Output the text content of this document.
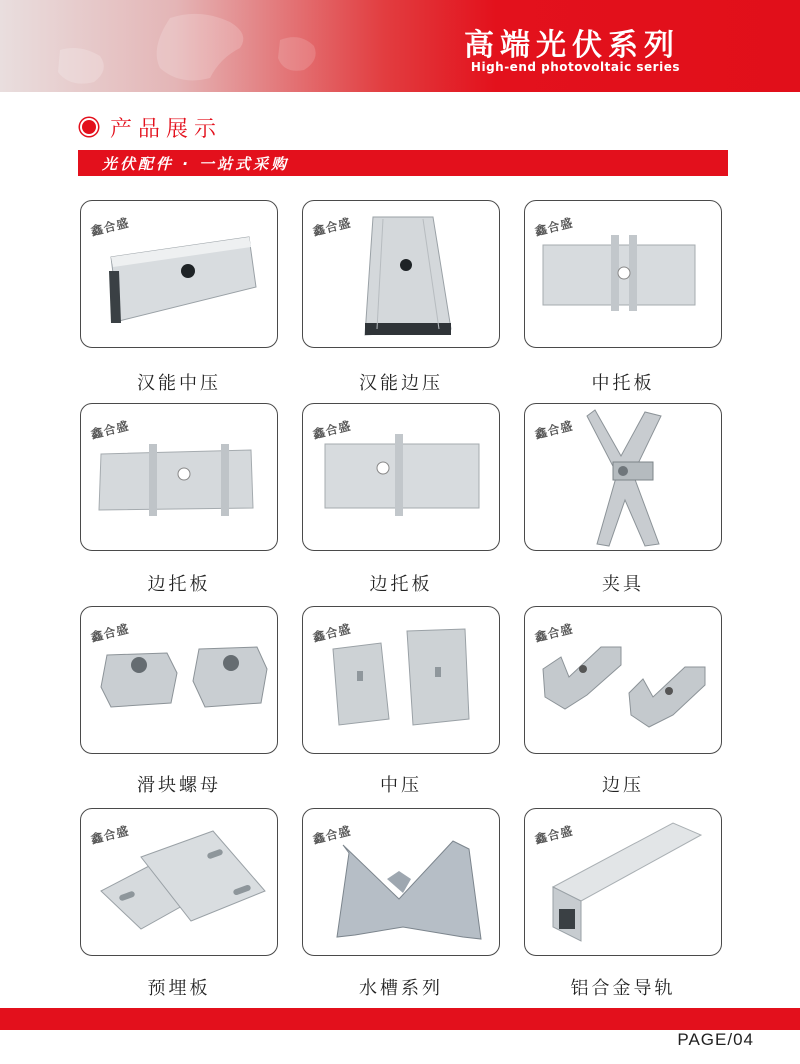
高端光伏系列
High-end photovoltaic series
产品展示
光伏配件 · 一站式采购
鑫合盛
汉能中压
鑫合盛
汉能边压
鑫合盛
中托板
鑫合盛
边托板
鑫合盛
边托板
鑫合盛
夹具
鑫合盛
滑块螺母
鑫合盛
中压
鑫合盛
边压
鑫合盛
预埋板
鑫合盛
水槽系列
鑫合盛
铝合金导轨
PAGE/04
